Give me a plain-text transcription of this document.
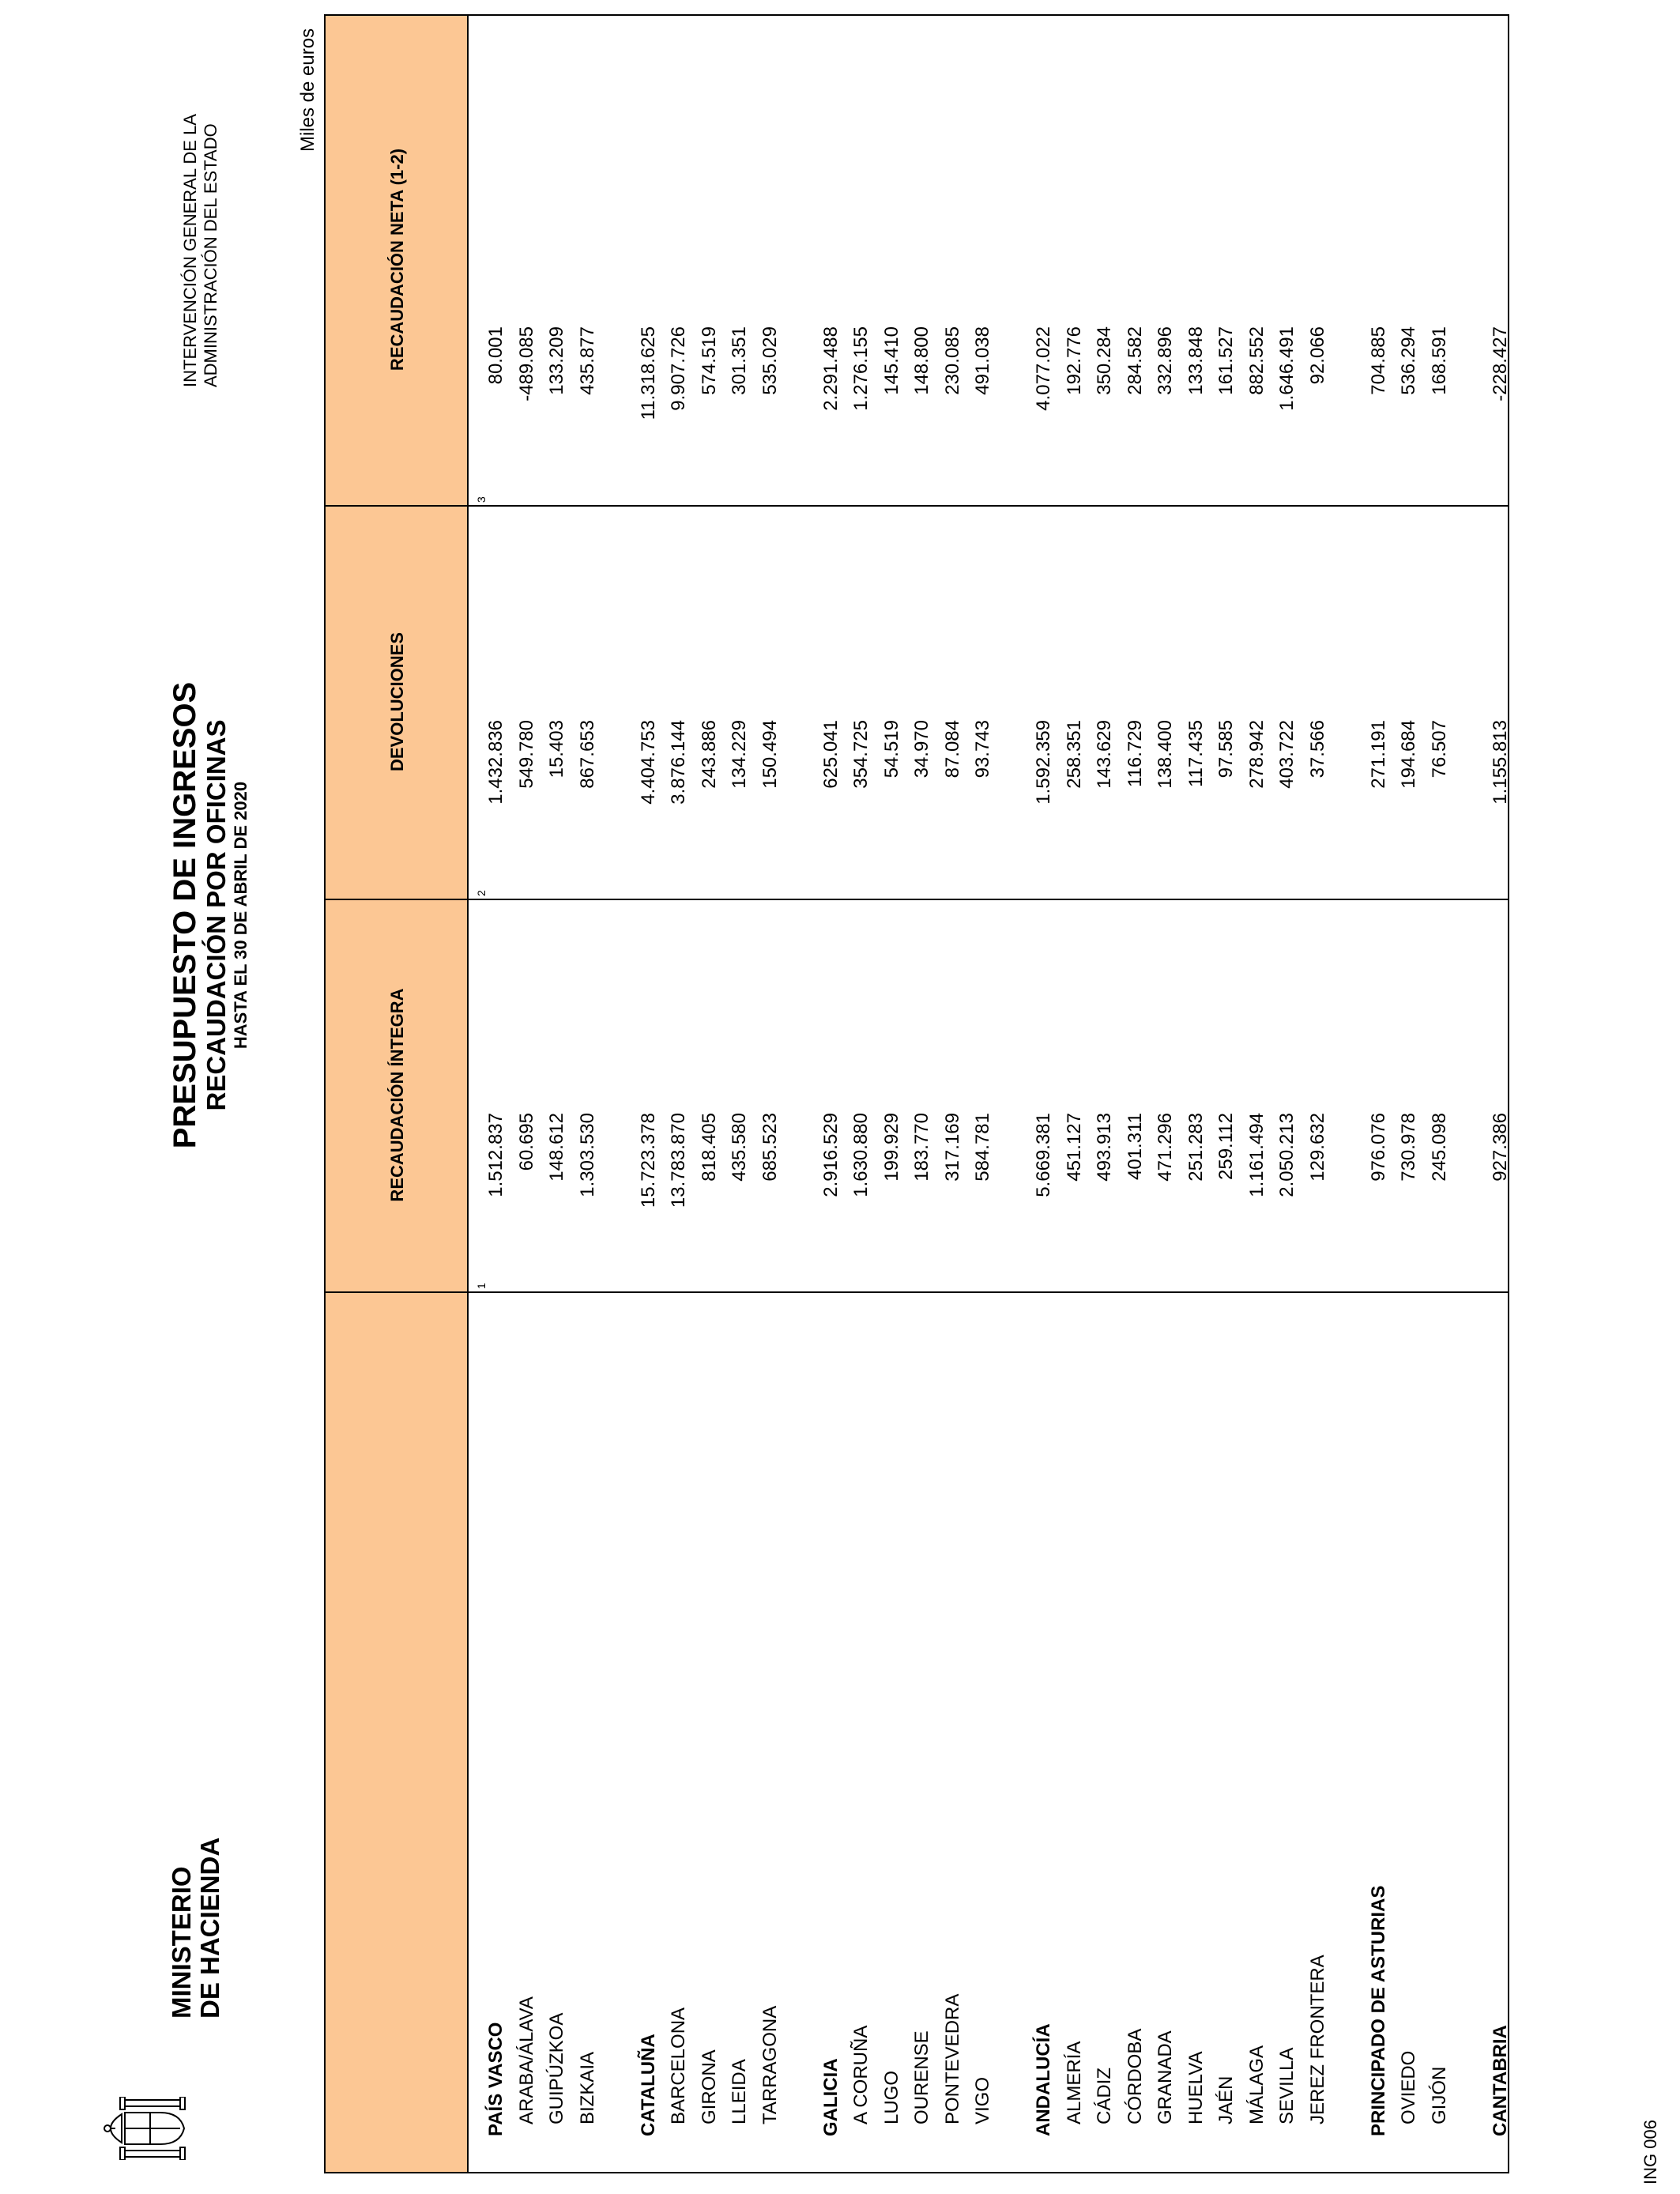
MINISTERIO DE HACIENDA
PRESUPUESTO DE INGRESOS RECAUDACIÓN POR OFICINAS HASTA EL 30 DE ABRIL DE 2020
INTERVENCIÓN GENERAL DE LA ADMINISTRACIÓN DEL ESTADO
Miles de euros
RECAUDACIÓN ÍNTEGRA
DEVOLUCIONES
RECAUDACIÓN NETA (1-2)
1
2
3
PAÍS VASCO
1.512.837
1.432.836
80.001
ARABA/ÁLAVA
60.695
549.780
-489.085
GUIPÚZKOA
148.612
15.403
133.209
BIZKAIA
1.303.530
867.653
435.877
CATALUÑA
15.723.378
4.404.753
11.318.625
BARCELONA
13.783.870
3.876.144
9.907.726
GIRONA
818.405
243.886
574.519
LLEIDA
435.580
134.229
301.351
TARRAGONA
685.523
150.494
535.029
GALICIA
2.916.529
625.041
2.291.488
A CORUÑA
1.630.880
354.725
1.276.155
LUGO
199.929
54.519
145.410
OURENSE
183.770
34.970
148.800
PONTEVEDRA
317.169
87.084
230.085
VIGO
584.781
93.743
491.038
ANDALUCÍA
5.669.381
1.592.359
4.077.022
ALMERÍA
451.127
258.351
192.776
CÁDIZ
493.913
143.629
350.284
CÓRDOBA
401.311
116.729
284.582
GRANADA
471.296
138.400
332.896
HUELVA
251.283
117.435
133.848
JAÉN
259.112
97.585
161.527
MÁLAGA
1.161.494
278.942
882.552
SEVILLA
2.050.213
403.722
1.646.491
JEREZ FRONTERA
129.632
37.566
92.066
PRINCIPADO DE ASTURIAS
976.076
271.191
704.885
OVIEDO
730.978
194.684
536.294
GIJÓN
245.098
76.507
168.591
CANTABRIA
927.386
1.155.813
-228.427
ING 006
